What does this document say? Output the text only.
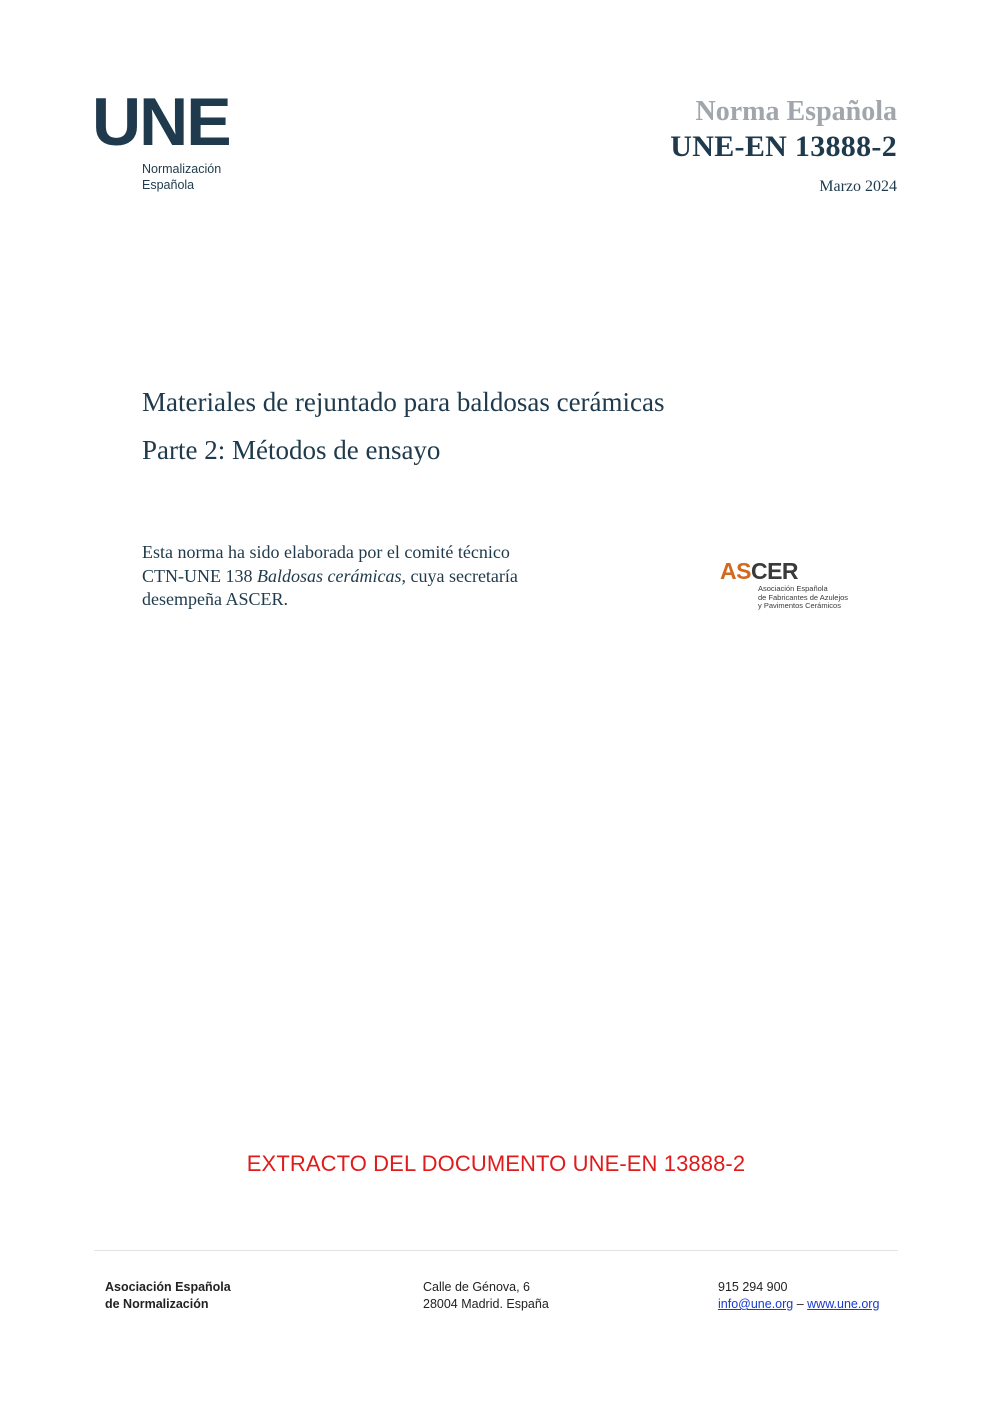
UNE
Normalización
Española
Norma Española
UNE-EN 13888-2
Marzo 2024
Materiales de rejuntado para baldosas cerámicas
Parte 2: Métodos de ensayo
Esta norma ha sido elaborada por el comité técnico
CTN-UNE 138 Baldosas cerámicas, cuya secretaría
desempeña ASCER.
ASCER
Asociación Española
de Fabricantes de Azulejos
y Pavimentos Cerámicos
EXTRACTO DEL DOCUMENTO UNE-EN 13888-2
Asociación Española
de Normalización
Calle de Génova, 6
28004 Madrid. España
915 294 900
info@une.org – www.une.org
